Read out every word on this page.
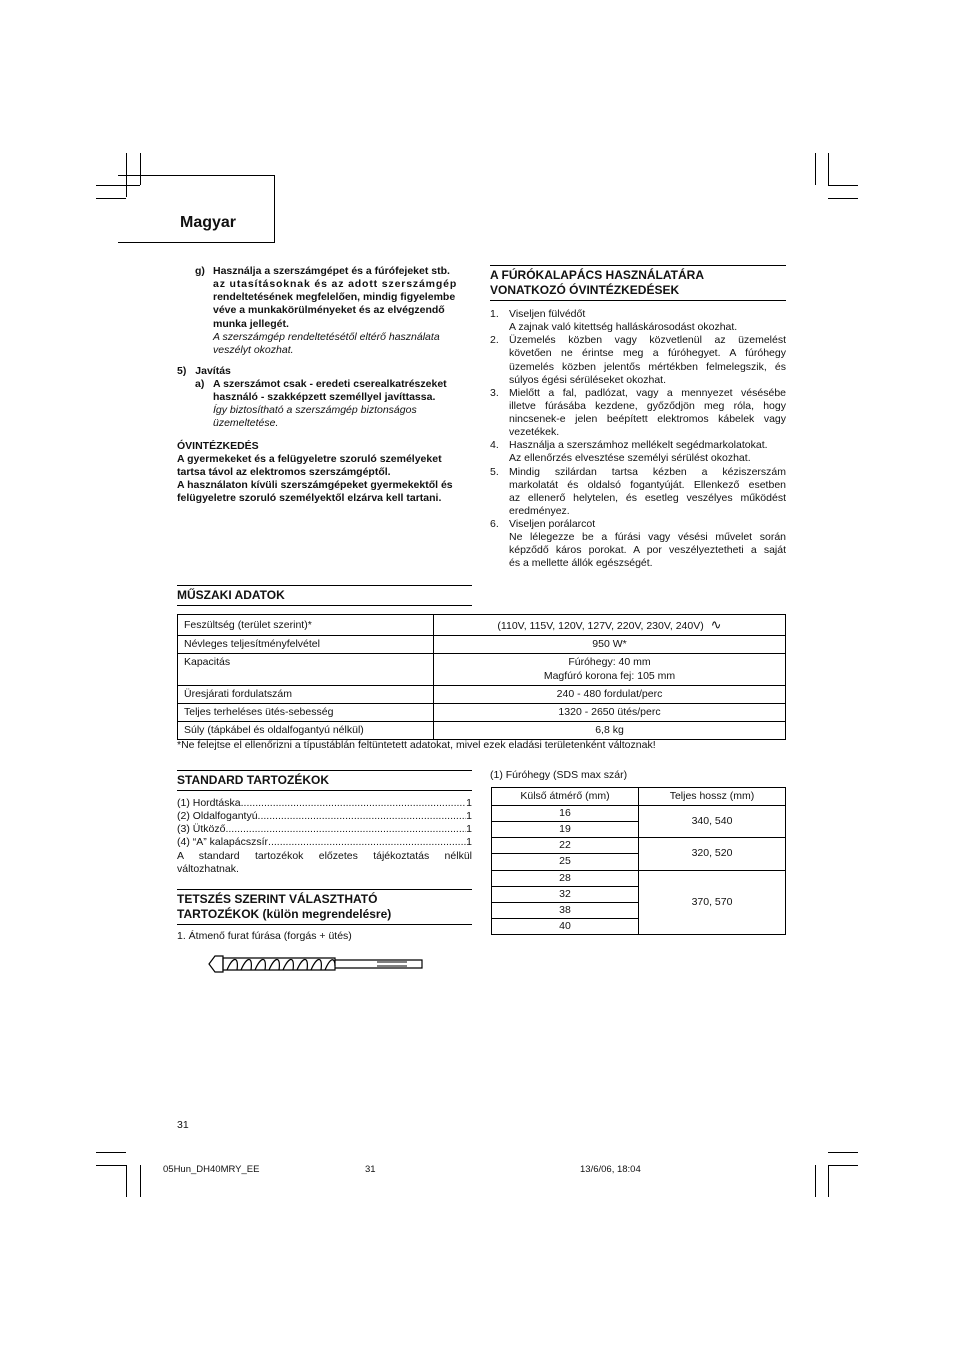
Magyar
g) Használja a szerszámgépet és a fúrófejeket stb.
az utasításoknak és az adott szerszámgép
rendeltetésének megfelelően, mindig figyelembe
véve a munkakörülményeket és az elvégzendő
munka jellegét.
A szerszámgép rendeltetésétől eltérő használata
veszélyt okozhat.
5) Javítás
a) A szerszámot csak - eredeti cserealkatrészeket
használó - szakképzett személlyel javíttassa.
Így biztosítható a szerszámgép biztonságos
üzemeltetése.
ÓVINTÉZKEDÉS
A gyermekeket és a felügyeletre szoruló személyeket
tartsa távol az elektromos szerszámgéptől.
A használaton kívüli szerszámgépeket gyermekektől és
felügyeletre szoruló személyektől elzárva kell tartani.
A FÚRÓKALAPÁCS HASZNÁLATÁRA
VONATKOZÓ ÓVINTÉZKEDÉSEK
1. Viseljen fülvédőt
A zajnak való kitettség halláskárosodást okozhat.
2. Üzemelés közben vagy közvetlenül az üzemelést
követően ne érintse meg a fúróhegyet. A fúróhegy
üzemelés közben jelentős mértékben felmelegszik, és
súlyos égési sérüléseket okozhat.
3. Mielőtt a fal, padlózat, vagy a mennyezet vésésébe
illetve fúrásába kezdene, győződjön meg róla, hogy
nincsenek-e jelen beépített elektromos kábelek vagy
vezetékek.
4. Használja a szerszámhoz mellékelt segédmarkolatokat.
Az ellenőrzés elvesztése személyi sérülést okozhat.
5. Mindig szilárdan tartsa kézben a kéziszerszám
markolatát és oldalsó fogantyúját. Ellenkező esetben
az ellenerő helytelen, és esetleg veszélyes működést
eredményez.
6. Viseljen porálarcot
Ne lélegezze be a fúrási vagy vésési művelet során
képződő káros porokat. A por veszélyeztetheti a saját
és a mellette állók egészségét.
MŰSZAKI ADATOK
Feszültség (terület szerint)*	(110V, 115V, 120V, 127V, 220V, 230V, 240V) ∿
Névleges teljesítményfelvétel	950 W*
Kapacitás	Fúróhegy: 40 mm
Magfúró korona fej: 105 mm

Üresjárati fordulatszám	240 - 480 fordulat/perc
Teljes terheléses ütés-sebesség	1320 - 2650 ütés/perc
Súly (tápkábel és oldalfogantyú nélkül)	6,8 kg
*Ne felejtse el ellenőrizni a típustáblán feltüntetett adatokat, mivel ezek eladási területenként változnak!
STANDARD TARTOZÉKOK
(1) Hordtáska .....	1
(2) Oldalfogantyú .....	1
(3) Ütköző .....	1
(4) “A” kalapácszsír .....	1
A standard tartozékok előzetes tájékoztatás nélkül
változhatnak.
TETSZÉS SZERINT VÁLASZTHATÓ
TARTOZÉKOK (külön megrendelésre)
1. Átmenő furat fúrása (forgás + ütés)
(1) Fúróhegy (SDS max szár)
Külső átmérő (mm)	Teljes hossz (mm)
16	340, 540
19	
22	320, 520
25	
28	370, 570
32	
38	
40	
31
05Hun_DH40MRY_EE	31	13/6/06, 18:04
